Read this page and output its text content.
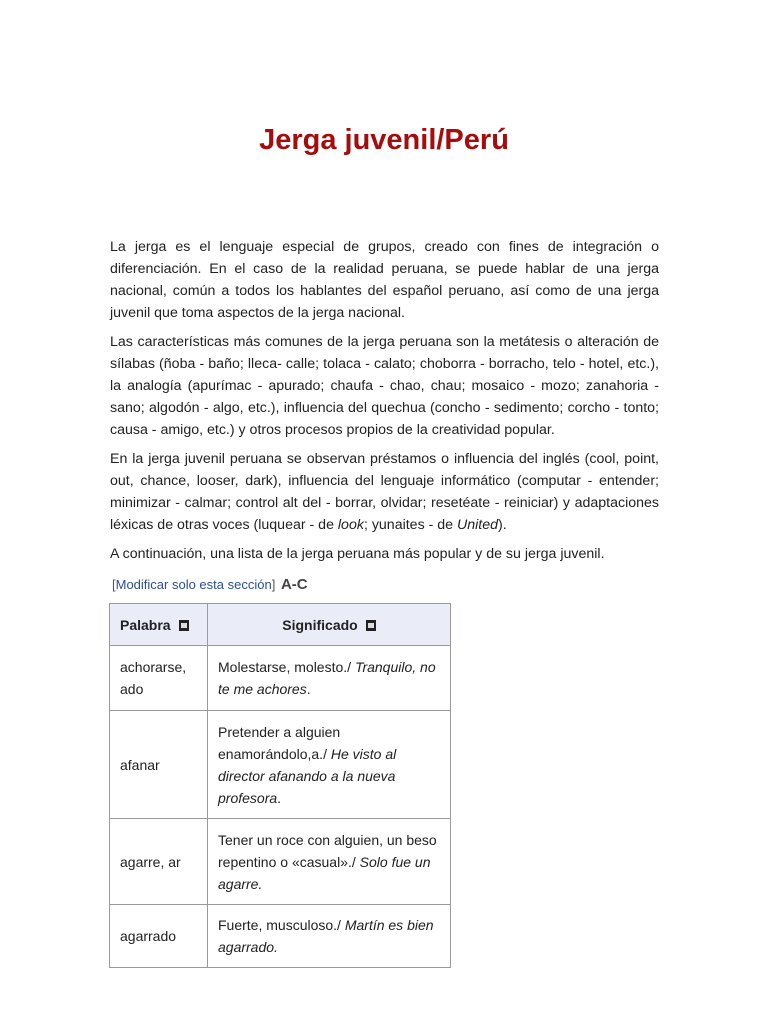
Jerga juvenil/Perú

La jerga es el lenguaje especial de grupos, creado con fines de integración o diferenciación. En el caso de la realidad peruana, se puede hablar de una jerga nacional, común a todos los hablantes del español peruano, así como de una jerga juvenil que toma aspectos de la jerga nacional.

Las características más comunes de la jerga peruana son la metátesis o alteración de sílabas (ñoba - baño; lleca- calle; tolaca - calato; choborra - borracho, telo - hotel, etc.), la analogía (apurímac - apurado; chaufa - chao, chau; mosaico - mozo; zanahoria - sano; algodón - algo, etc.), influencia del quechua (concho - sedimento; corcho - tonto; causa - amigo, etc.) y otros procesos propios de la creatividad popular.

En la jerga juvenil peruana se observan préstamos o influencia del inglés (cool, point, out, chance, looser, dark), influencia del lenguaje informático (computar - entender; minimizar - calmar; control alt del - borrar, olvidar; resetéate - reiniciar) y adaptaciones léxicas de otras voces (luquear - de look; yunaites - de United).

A continuación, una lista de la jerga peruana más popular y de su jerga juvenil.

[Modificar solo esta sección] A-C
Palabra	Significado
achorarse, ado	Molestarse, molesto./ Tranquilo, no te me achores.
afanar	Pretender a alguien enamorándolo,a./ He visto al director afanando a la nueva profesora.
agarre, ar	Tener un roce con alguien, un beso repentino o «casual»./ Solo fue un agarre.
agarrado	Fuerte, musculoso./ Martín es bien agarrado.
